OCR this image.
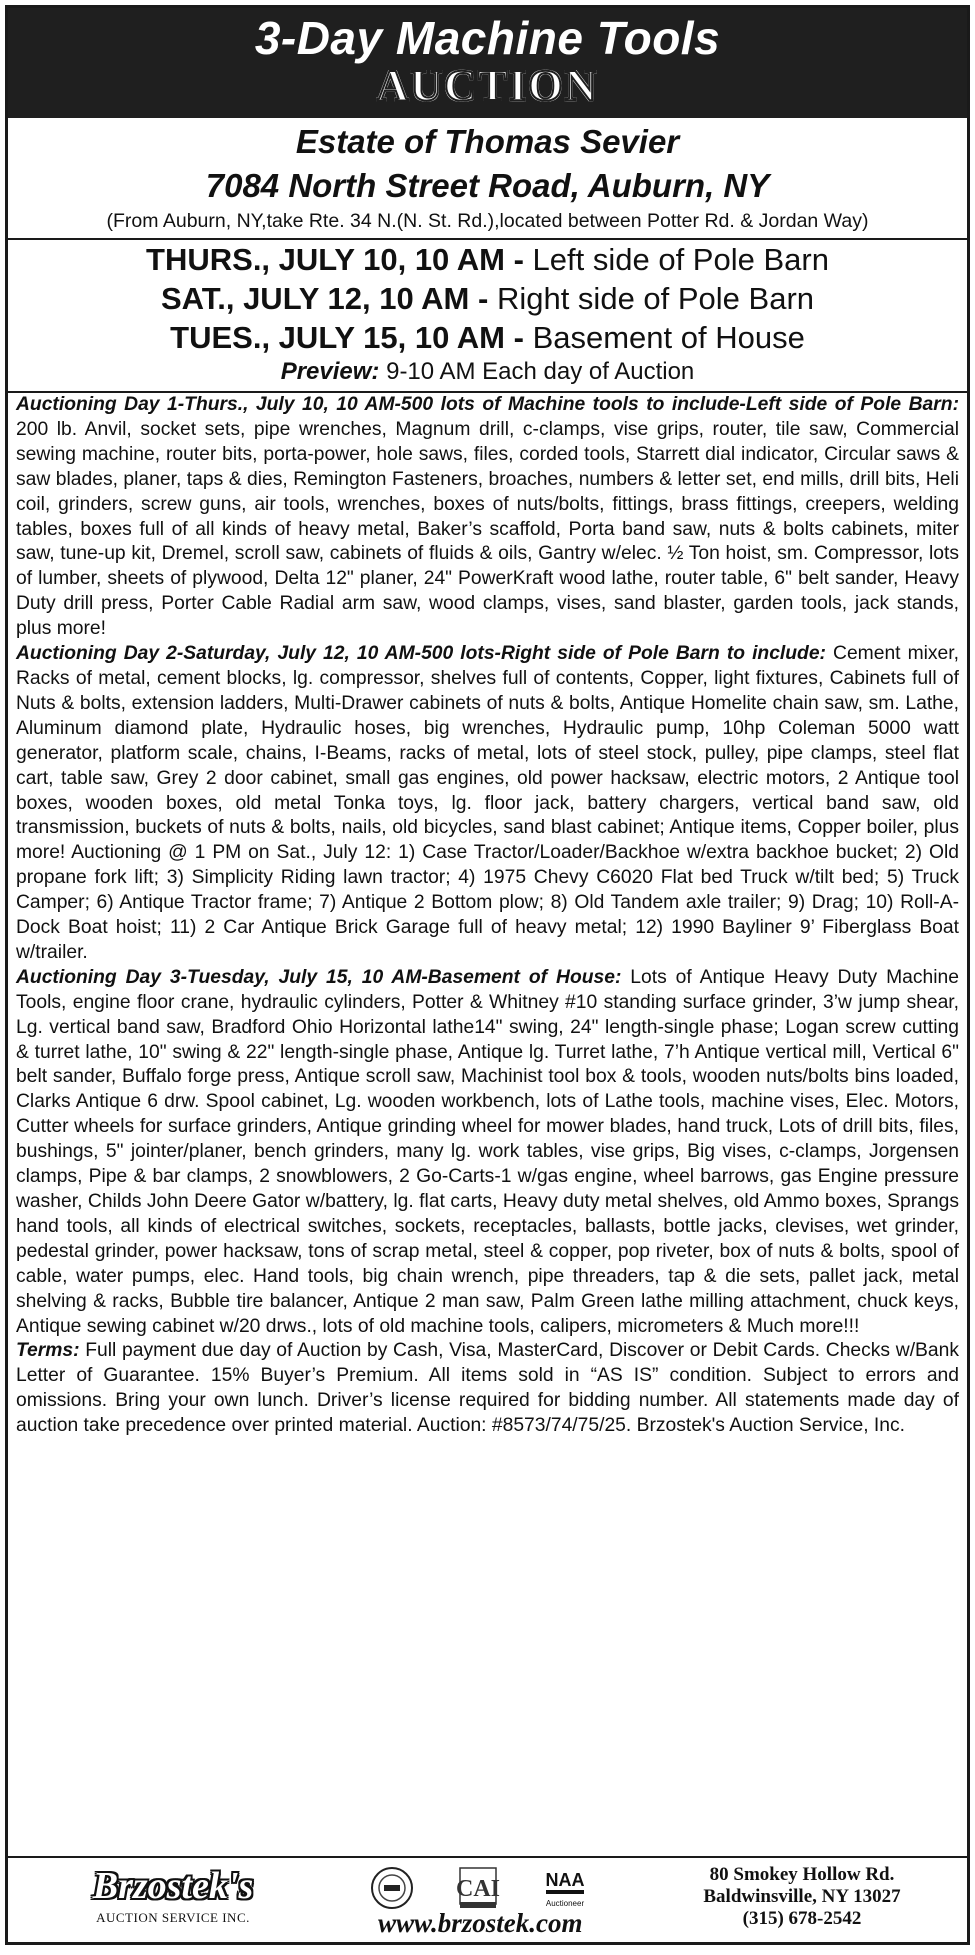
3-Day Machine Tools
AUCTION
Estate of Thomas Sevier
7084 North Street Road, Auburn, NY
(From Auburn, NY,take Rte. 34 N.(N. St. Rd.),located between Potter Rd. & Jordan Way)
THURS., JULY 10, 10 AM - Left side of Pole Barn
SAT., JULY 12, 10 AM - Right side of Pole Barn
TUES., JULY 15, 10 AM - Basement of House
Preview: 9-10 AM Each day of Auction

Auctioning Day 1-Thurs., July 10, 10 AM-500 lots of Machine tools to include-Left side of Pole Barn: 200 lb. Anvil, socket sets, pipe wrenches, Magnum drill, c-clamps, vise grips, router, tile saw, Commercial sewing machine, router bits, porta-power, hole saws, files, corded tools, Starrett dial indicator, Circular saws & saw blades, planer, taps & dies, Remington Fasteners, broaches, numbers & letter set, end mills, drill bits, Heli coil, grinders, screw guns, air tools, wrenches, boxes of nuts/bolts, fittings, brass fittings, creepers, welding tables, boxes full of all kinds of heavy metal, Baker’s scaffold, Porta band saw, nuts & bolts cabinets, miter saw, tune-up kit, Dremel, scroll saw, cabinets of fluids & oils, Gantry w/elec. ½ Ton hoist, sm. Compressor, lots of lumber, sheets of plywood, Delta 12" planer, 24" PowerKraft wood lathe, router table, 6" belt sander, Heavy Duty drill press, Porter Cable Radial arm saw, wood clamps, vises, sand blaster, garden tools, jack stands, plus more!

Auctioning Day 2-Saturday, July 12, 10 AM-500 lots-Right side of Pole Barn to include: Cement mixer, Racks of metal, cement blocks, lg. compressor, shelves full of contents, Copper, light fixtures, Cabinets full of Nuts & bolts, extension ladders, Multi-Drawer cabinets of nuts & bolts, Antique Homelite chain saw, sm. Lathe, Aluminum diamond plate, Hydraulic hoses, big wrenches, Hydraulic pump, 10hp Coleman 5000 watt generator, platform scale, chains, I-Beams, racks of metal, lots of steel stock, pulley, pipe clamps, steel flat cart, table saw, Grey 2 door cabinet, small gas engines, old power hacksaw, electric motors, 2 Antique tool boxes, wooden boxes, old metal Tonka toys, lg. floor jack, battery chargers, vertical band saw, old transmission, buckets of nuts & bolts, nails, old bicycles, sand blast cabinet; Antique items, Copper boiler, plus more! Auctioning @ 1 PM on Sat., July 12: 1) Case Tractor/Loader/Backhoe w/extra backhoe bucket; 2) Old propane fork lift; 3) Simplicity Riding lawn tractor; 4) 1975 Chevy C6020 Flat bed Truck w/tilt bed; 5) Truck Camper; 6) Antique Tractor frame; 7) Antique 2 Bottom plow; 8) Old Tandem axle trailer; 9) Drag; 10) Roll-A-Dock Boat hoist; 11) 2 Car Antique Brick Garage full of heavy metal; 12) 1990 Bayliner 9’ Fiberglass Boat w/trailer.

Auctioning Day 3-Tuesday, July 15, 10 AM-Basement of House: Lots of Antique Heavy Duty Machine Tools, engine floor crane, hydraulic cylinders, Potter & Whitney #10 standing surface grinder, 3’w jump shear, Lg. vertical band saw, Bradford Ohio Horizontal lathe14" swing, 24" length-single phase; Logan screw cutting & turret lathe, 10" swing & 22" length-single phase, Antique lg. Turret lathe, 7’h Antique vertical mill, Vertical 6" belt sander, Buffalo forge press, Antique scroll saw, Machinist tool box & tools, wooden nuts/bolts bins loaded, Clarks Antique 6 drw. Spool cabinet, Lg. wooden workbench, lots of Lathe tools, machine vises, Elec. Motors, Cutter wheels for surface grinders, Antique grinding wheel for mower blades, hand truck, Lots of drill bits, files, bushings, 5" jointer/planer, bench grinders, many lg. work tables, vise grips, Big vises, c-clamps, Jorgensen clamps, Pipe & bar clamps, 2 snowblowers, 2 Go-Carts-1 w/gas engine, wheel barrows, gas Engine pressure washer, Childs John Deere Gator w/battery, lg. flat carts, Heavy duty metal shelves, old Ammo boxes, Sprangs hand tools, all kinds of electrical switches, sockets, receptacles, ballasts, bottle jacks, clevises, wet grinder, pedestal grinder, power hacksaw, tons of scrap metal, steel & copper, pop riveter, box of nuts & bolts, spool of cable, water pumps, elec. Hand tools, big chain wrench, pipe threaders, tap & die sets, pallet jack, metal shelving & racks, Bubble tire balancer, Antique 2 man saw, Palm Green lathe milling attachment, chuck keys, Antique sewing cabinet w/20 drws., lots of old machine tools, calipers, micrometers & Much more!!!

Terms: Full payment due day of Auction by Cash, Visa, MasterCard, Discover or Debit Cards. Checks w/Bank Letter of Guarantee. 15% Buyer’s Premium. All items sold in “AS IS” condition. Subject to errors and omissions. Bring your own lunch. Driver’s license required for bidding number. All statements made day of auction take precedence over printed material. Auction: #8573/74/75/25. Brzostek's Auction Service, Inc.

Brzostek's
AUCTION SERVICE INC.
CAI	NAA
Auctioneer
www.brzostek.com
80 Smokey Hollow Rd.
Baldwinsville, NY 13027
(315) 678-2542
